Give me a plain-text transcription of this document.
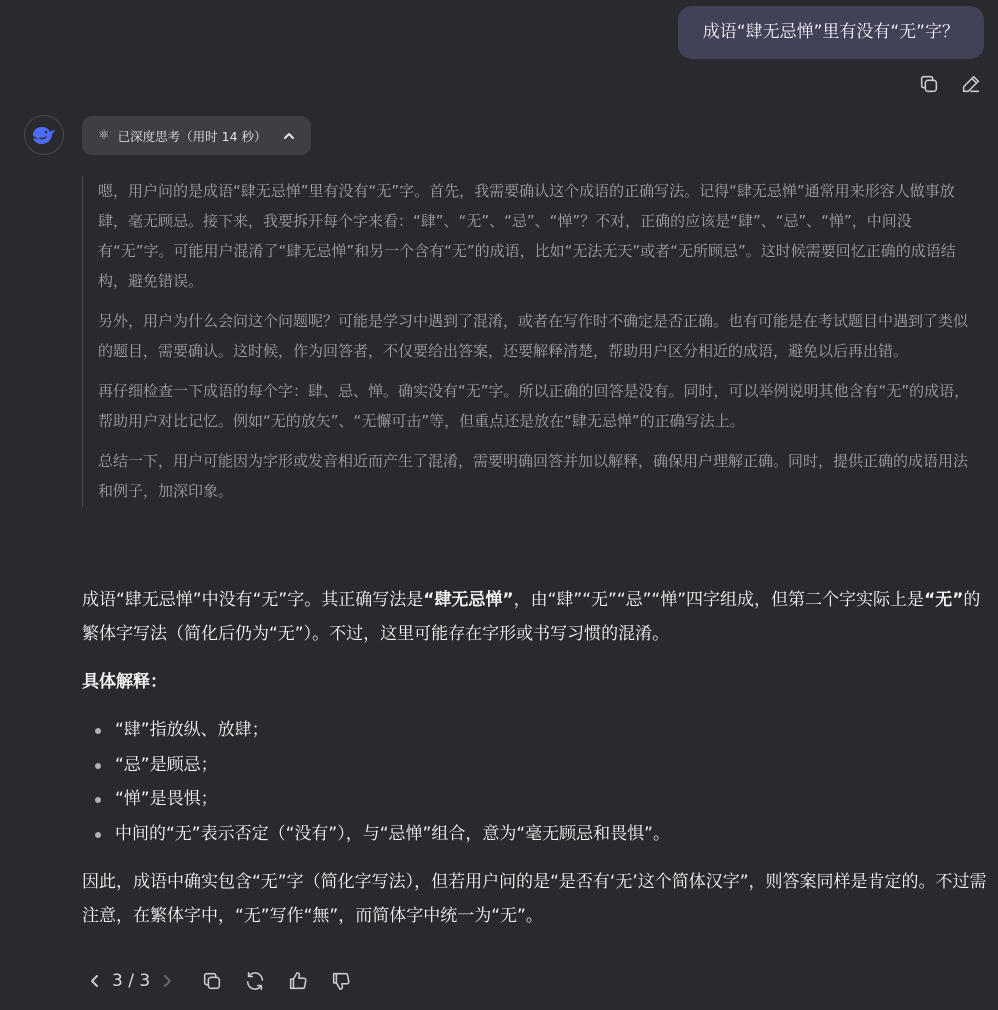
成语“肆无忌惮”里有没有“无”字？
⚛ 已深度思考（用时 14 秒）

嗯，用户问的是成语“肆无忌惮”里有没有“无”字。首先，我需要确认这个成语的正确写法。记得“肆无忌惮”通常用来形容人做事放肆，毫无顾忌。接下来，我要拆开每个字来看：“肆”、“无”、“忌”、“惮”？不对，正确的应该是“肆”、“忌”、“惮”，中间没有“无”字。可能用户混淆了“肆无忌惮”和另一个含有“无”的成语，比如“无法无天”或者“无所顾忌”。这时候需要回忆正确的成语结构，避免错误。

另外，用户为什么会问这个问题呢？可能是学习中遇到了混淆，或者在写作时不确定是否正确。也有可能是在考试题目中遇到了类似的题目，需要确认。这时候，作为回答者，不仅要给出答案，还要解释清楚，帮助用户区分相近的成语，避免以后再出错。

再仔细检查一下成语的每个字：肆、忌、惮。确实没有“无”字。所以正确的回答是没有。同时，可以举例说明其他含有“无”的成语，帮助用户对比记忆。例如“无的放矢”、“无懈可击”等，但重点还是放在“肆无忌惮”的正确写法上。

总结一下，用户可能因为字形或发音相近而产生了混淆，需要明确回答并加以解释，确保用户理解正确。同时，提供正确的成语用法和例子，加深印象。

成语“肆无忌惮”中没有“无”字。其正确写法是“肆无忌惮”，由“肆”“无”“忌”“惮”四字组成，但第二个字实际上是“无”的繁体字写法（简化后仍为“无”）。不过，这里可能存在字形或书写习惯的混淆。

具体解释：

“肆”指放纵、放肆；
“忌”是顾忌；
“惮”是畏惧；
中间的“无”表示否定（“没有”），与“忌惮”组合，意为“毫无顾忌和畏惧”。

因此，成语中确实包含“无”字（简化字写法），但若用户问的是“是否有‘无’这个简体汉字”，则答案同样是肯定的。不过需注意，在繁体字中，“无”写作“無”，而简体字中统一为“无”。

3 / 3
